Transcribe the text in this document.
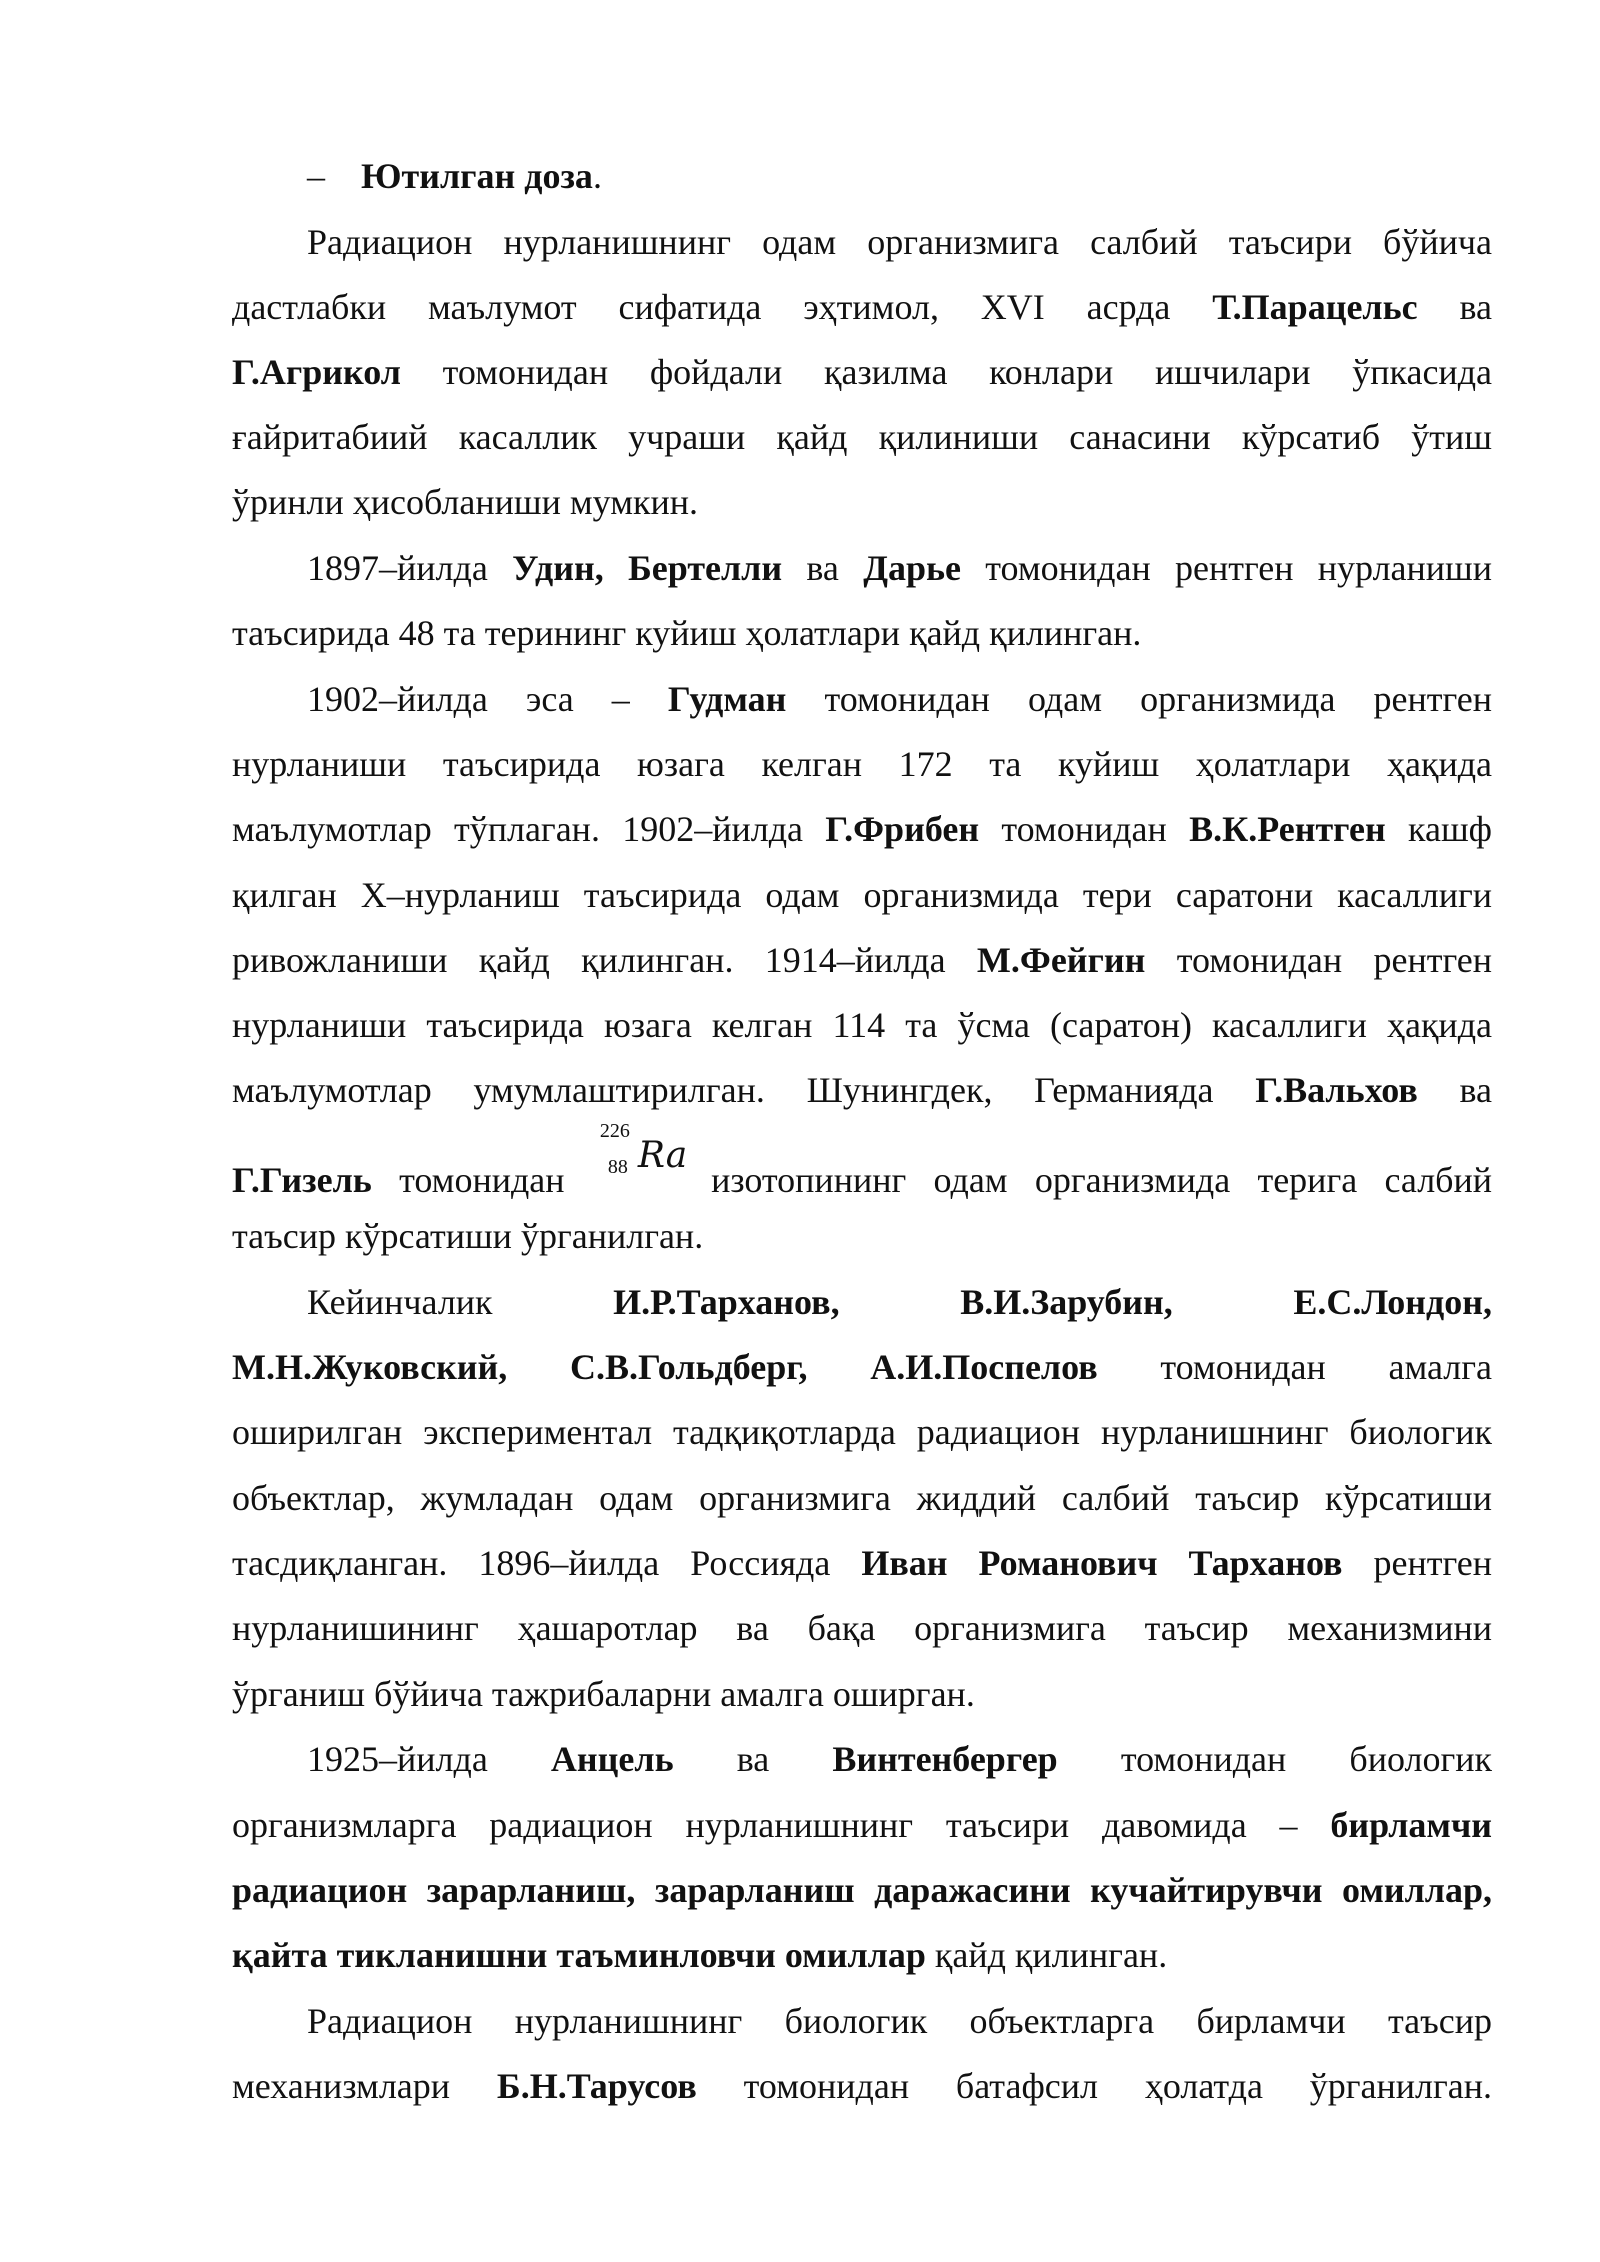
– Ютилган доза.
Радиацион нурланишнинг одам организмига салбий таъсири бўйича
дастлабки маълумот сифатида эҳтимол, XVI асрда Т.Парацельс ва
Г.Агрикол томонидан фойдали қазилма конлари ишчилари ўпкасида
ғайритабиий касаллик учраши қайд қилиниши санасини кўрсатиб ўтиш
ўринли ҳисобланиши мумкин.
1897–йилда Удин, Бертелли ва Дарье томонидан рентген нурланиши
таъсирида 48 та терининг куйиш ҳолатлари қайд қилинган.
1902–йилда эса – Гудман томонидан одам организмида рентген
нурланиши таъсирида юзага келган 172 та куйиш ҳолатлари ҳақида
маълумотлар тўплаган. 1902–йилда Г.Фрибен томонидан В.К.Рентген кашф
қилган X–нурланиш таъсирида одам организмида тери саратони касаллиги
ривожланиши қайд қилинган. 1914–йилда М.Фейгин томонидан рентген
нурланиши таъсирида юзага келган 114 та ўсма (саратон) касаллиги ҳақида
маълумотлар умумлаштирилган. Шунингдек, Германияда Г.Вальхов ва
Г.Гизель томонидан
226
88 Ra
изотопининг одам организмида терига салбий
таъсир кўрсатиши ўрганилган.
Кейинчалик	И.Р.Тарханов,	В.И.Зарубин,	Е.С.Лондон,
М.Н.Жуковский, С.В.Гольдберг, А.И.Поспелов томонидан амалга
оширилган экспериментал тадқиқотларда радиацион нурланишнинг биологик
объектлар, жумладан одам организмига жиддий салбий таъсир кўрсатиши
тасдиқланган. 1896–йилда Россияда Иван Романович Тарханов рентген
нурланишининг ҳашаротлар ва бақа организмига таъсир механизмини
ўрганиш бўйича тажрибаларни амалга оширган.
1925–йилда Анцель ва Винтенбергер томонидан биологик
организмларга радиацион нурланишнинг таъсири давомида – бирламчи
радиацион зарарланиш, зарарланиш даражасини кучайтирувчи омиллар,
қайта тикланишни таъминловчи омиллар қайд қилинган.
Радиацион нурланишнинг биологик объектларга бирламчи таъсир
механизмлари Б.Н.Тарусов томонидан батафсил ҳолатда ўрганилган.
